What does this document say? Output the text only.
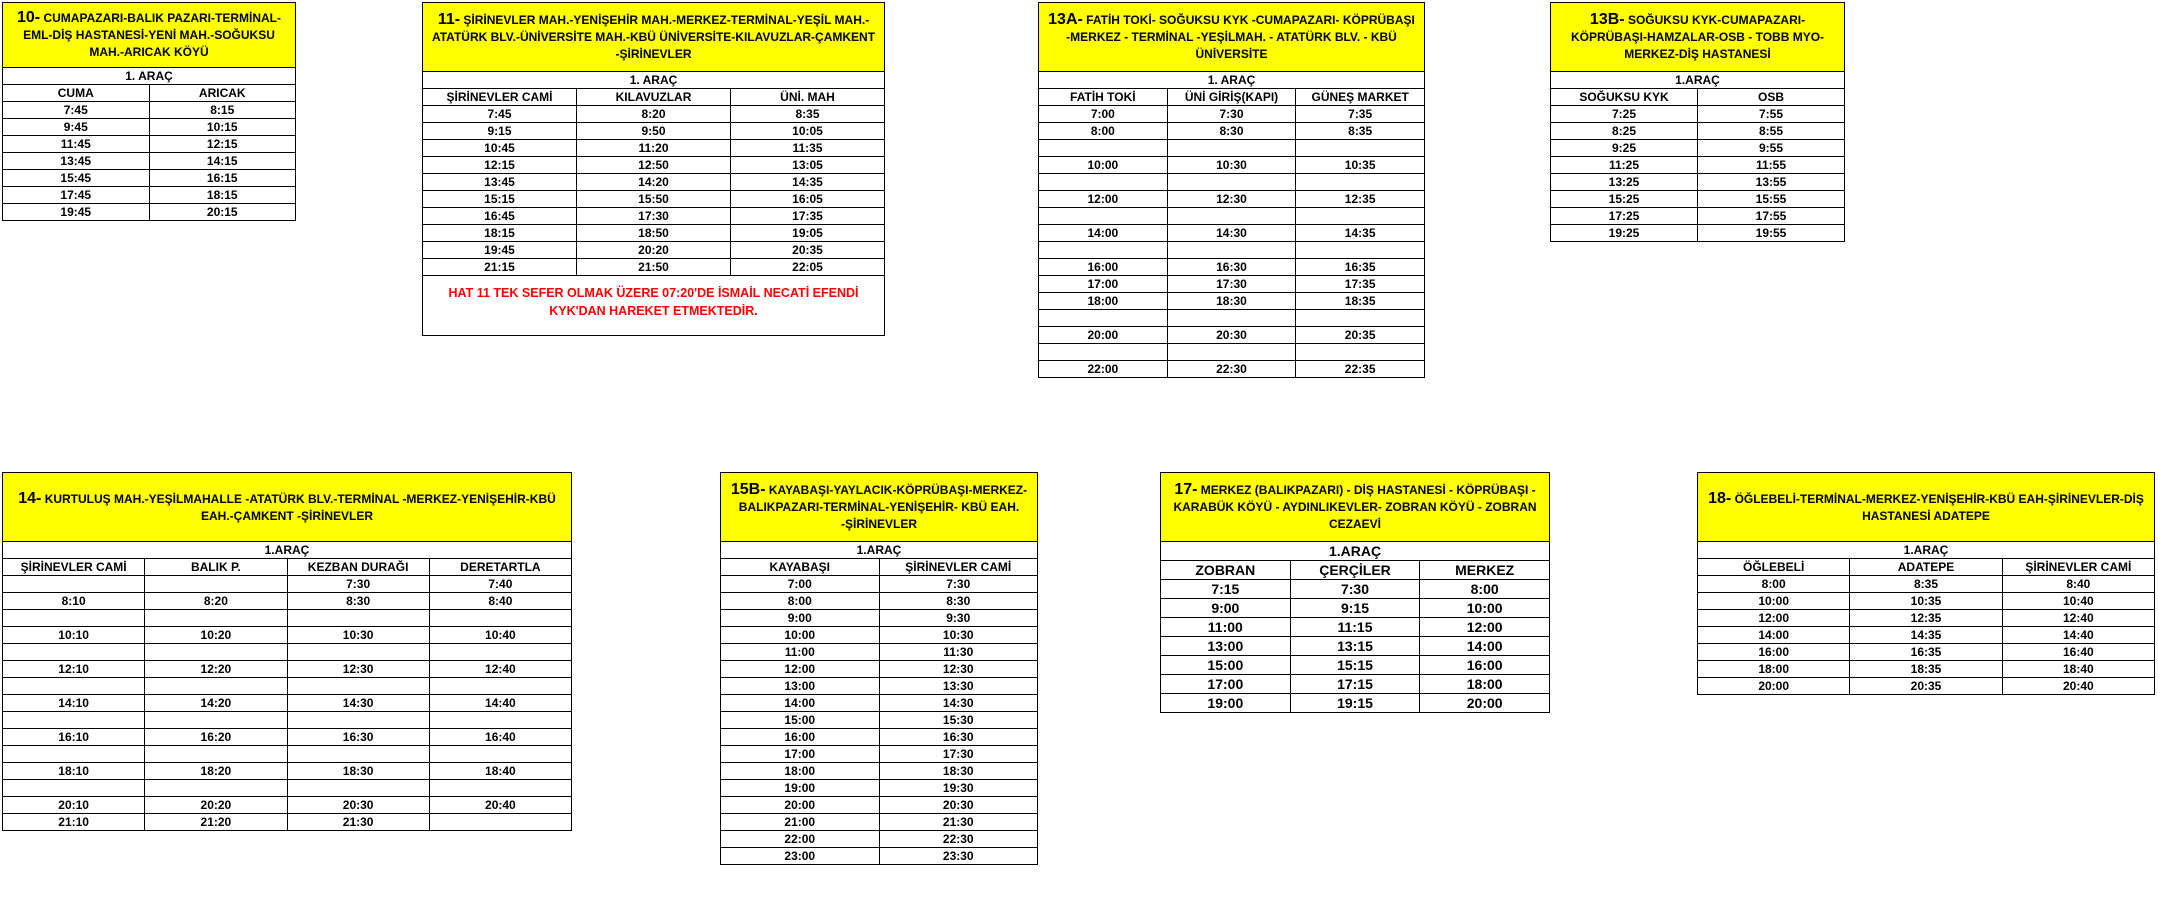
10- CUMAPAZARI-BALIK PAZARI-TERMİNAL-EML-DİŞ HASTANESİ-YENİ MAH.-SOĞUKSU MAH.-ARICAK KÖYÜ
1. ARAÇ	
CUMA	ARICAK
7:45	8:15
9:45	10:15
11:45	12:15
13:45	14:15
15:45	16:15
17:45	18:15
19:45	20:15
11- ŞİRİNEVLER MAH.-YENİŞEHİR MAH.-MERKEZ-TERMİNAL-YEŞİL MAH.-ATATÜRK BLV.-ÜNİVERSİTE MAH.-KBÜ ÜNİVERSİTE-KILAVUZLAR-ÇAMKENT -ŞİRİNEVLER
1. ARAÇ		
ŞİRİNEVLER CAMİ	KILAVUZLAR	ÜNİ. MAH
7:45	8:20	8:35
9:15	9:50	10:05
10:45	11:20	11:35
12:15	12:50	13:05
13:45	14:20	14:35
15:15	15:50	16:05
16:45	17:30	17:35
18:15	18:50	19:05
19:45	20:20	20:35
21:15	21:50	22:05
HAT 11 TEK SEFER OLMAK ÜZERE 07:20'DE İSMAİL NECATİ EFENDİ KYK'DAN HAREKET ETMEKTEDİR.
13A- FATİH TOKİ- SOĞUKSU KYK -CUMAPAZARI- KÖPRÜBAŞI -MERKEZ - TERMİNAL -YEŞİLMAH. - ATATÜRK BLV. - KBÜ ÜNİVERSİTE
1. ARAÇ		
FATİH TOKİ	ÜNİ GİRİŞ(KAPI)	GÜNEŞ MARKET
7:00	7:30	7:35
8:00	8:30	8:35

10:00	10:30	10:35

12:00	12:30	12:35

14:00	14:30	14:35

16:00	16:30	16:35
17:00	17:30	17:35
18:00	18:30	18:35

20:00	20:30	20:35

22:00	22:30	22:35
13B- SOĞUKSU KYK-CUMAPAZARI-KÖPRÜBAŞI-HAMZALAR-OSB - TOBB MYO-MERKEZ-DİŞ HASTANESİ
1.ARAÇ	
SOĞUKSU KYK	OSB
7:25	7:55
8:25	8:55
9:25	9:55
11:25	11:55
13:25	13:55
15:25	15:55
17:25	17:55
19:25	19:55
14- KURTULUŞ MAH.-YEŞİLMAHALLE -ATATÜRK BLV.-TERMİNAL -MERKEZ-YENİŞEHİR-KBÜ EAH.-ÇAMKENT -ŞİRİNEVLER
1.ARAÇ			
ŞİRİNEVLER CAMİ	BALIK P.	KEZBAN DURAĞI	DERETARTLA
		7:30	7:40
8:10	8:20	8:30	8:40

10:10	10:20	10:30	10:40

12:10	12:20	12:30	12:40

14:10	14:20	14:30	14:40

16:10	16:20	16:30	16:40

18:10	18:20	18:30	18:40

20:10	20:20	20:30	20:40
21:10	21:20	21:30	
15B- KAYABAŞI-YAYLACIK-KÖPRÜBAŞI-MERKEZ-BALIKPAZARI-TERMİNAL-YENİŞEHİR- KBÜ EAH. -ŞİRİNEVLER
1.ARAÇ	
KAYABAŞI	ŞİRİNEVLER CAMİ
7:00	7:30
8:00	8:30
9:00	9:30
10:00	10:30
11:00	11:30
12:00	12:30
13:00	13:30
14:00	14:30
15:00	15:30
16:00	16:30
17:00	17:30
18:00	18:30
19:00	19:30
20:00	20:30
21:00	21:30
22:00	22:30
23:00	23:30
17- MERKEZ (BALIKPAZARI) - DİŞ HASTANESİ - KÖPRÜBAŞI - KARABÜK KÖYÜ - AYDINLIKEVLER- ZOBRAN KÖYÜ - ZOBRAN CEZAEVİ
1.ARAÇ		
ZOBRAN	ÇERÇİLER	MERKEZ
7:15	7:30	8:00
9:00	9:15	10:00
11:00	11:15	12:00
13:00	13:15	14:00
15:00	15:15	16:00
17:00	17:15	18:00
19:00	19:15	20:00
18- ÖĞLEBELİ-TERMİNAL-MERKEZ-YENİŞEHİR-KBÜ EAH-ŞİRİNEVLER-DİŞ HASTANESİ ADATEPE
1.ARAÇ		
ÖĞLEBELİ	ADATEPE	ŞİRİNEVLER CAMİ
8:00	8:35	8:40
10:00	10:35	10:40
12:00	12:35	12:40
14:00	14:35	14:40
16:00	16:35	16:40
18:00	18:35	18:40
20:00	20:35	20:40
